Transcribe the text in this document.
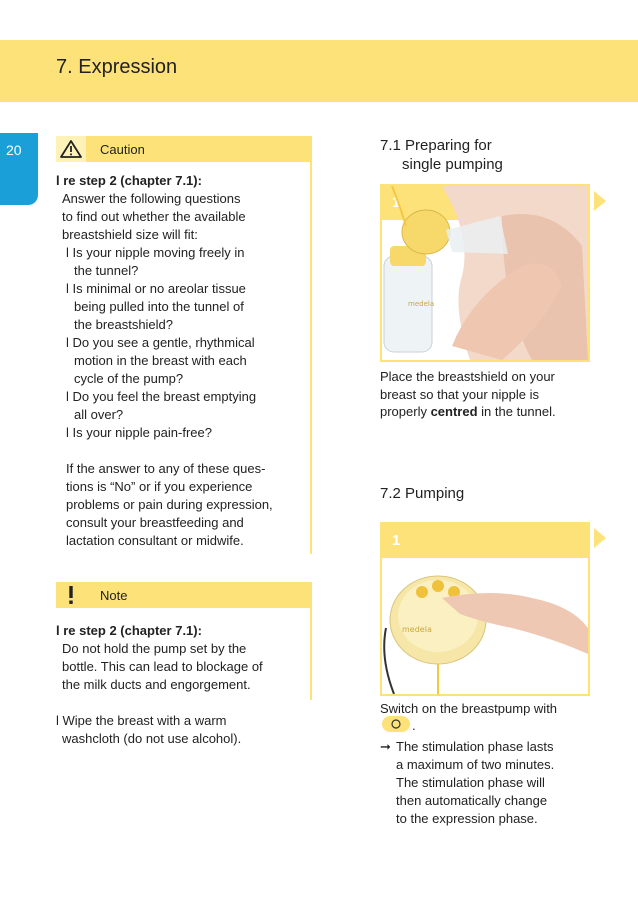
7. Expression
20	Caution
l re step 2 (chapter 7.1):
Answer the following questions
to find out whether the available
breastshield size will fit:
l Is your nipple moving freely in
the tunnel?
l Is minimal or no areolar tissue
being pulled into the tunnel of
the breastshield?
l Do you see a gentle, rhythmical
motion in the breast with each
cycle of the pump?
l Do you feel the breast emptying
all over?
l Is your nipple pain-free?
If the answer to any of these ques-
tions is “No” or if you experience
problems or pain during expression,
consult your breastfeeding and
lactation consultant or midwife.
Note
l re step 2 (chapter 7.1):
Do not hold the pump set by the
bottle. This can lead to blockage of
the milk ducts and engorgement.
l Wipe the breast with a warm
washcloth (do not use alcohol).
7.1 Preparing for
single pumping
1
medela
Place the breastshield on your
breast so that your nipple is
properly centred in the tunnel.
7.2 Pumping
1
medela
Switch on the breastpump with
.
➞ The stimulation phase lasts
a maximum of two minutes.
The stimulation phase will
then automatically change
to the expression phase.
